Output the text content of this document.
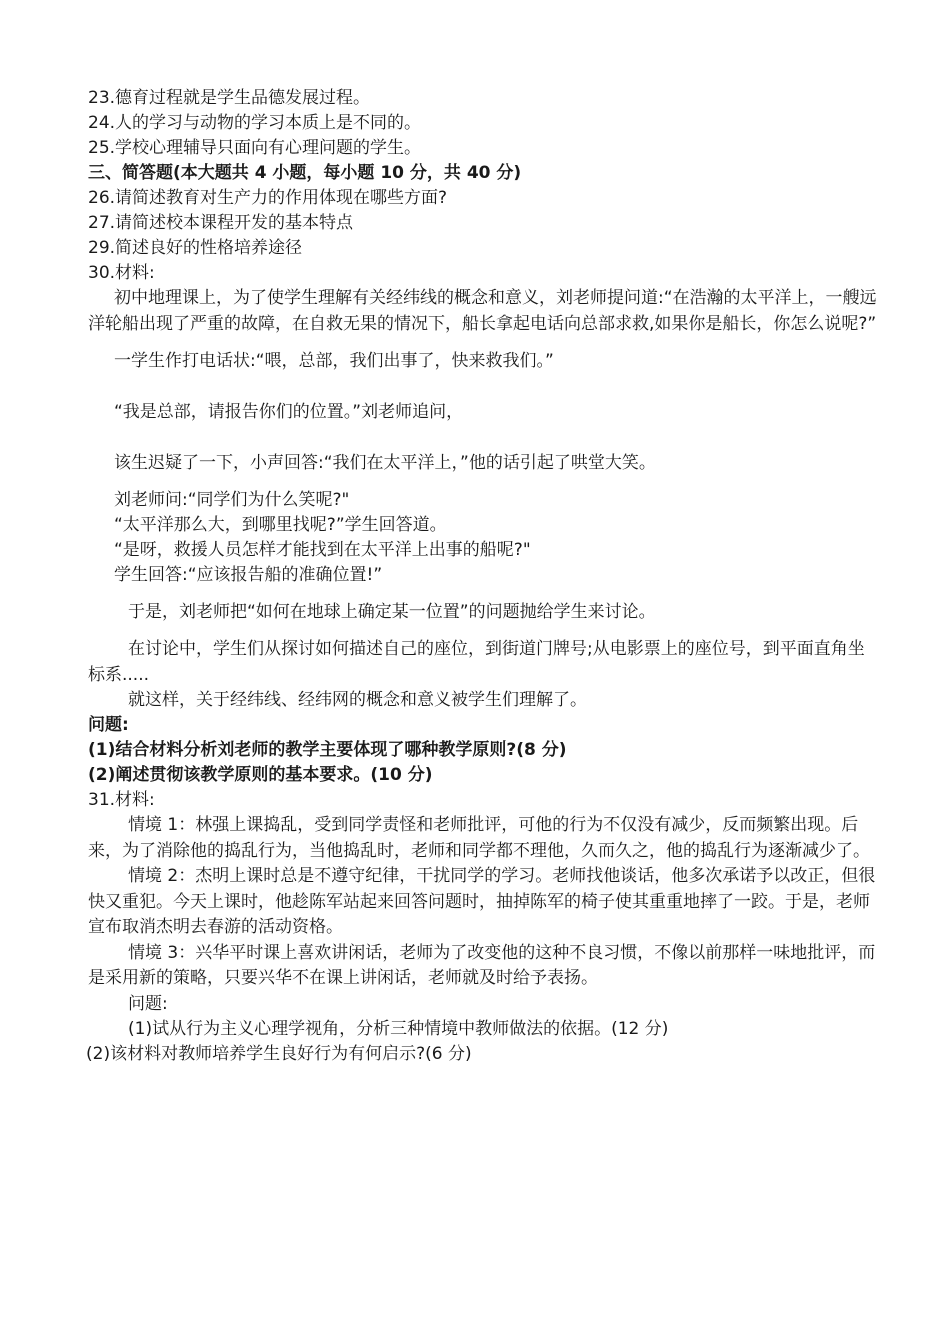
23.德育过程就是学生品德发展过程。
24.人的学习与动物的学习本质上是不同的。
25.学校心理辅导只面向有心理问题的学生。
三、简答题(本大题共 4 小题，每小题 10 分，共 40 分)
26.请简述教育对生产力的作用体现在哪些方面?
27.请简述校本课程开发的基本特点
29.简述良好的性格培养途径
30.材料:
初中地理课上，为了使学生理解有关经纬线的概念和意义，刘老师提问道:“在浩瀚的太平洋上，一艘远洋轮船出现了严重的故障，在自救无果的情况下，船长拿起电话向总部求救,如果你是船长，你怎么说呢?”
一学生作打电话状:“喂，总部，我们出事了，快来救我们。”
“我是总部，请报告你们的位置。”刘老师追问，
该生迟疑了一下，小声回答:“我们在太平洋上，”他的话引起了哄堂大笑。
刘老师问:“同学们为什么笑呢?"
“太平洋那么大，到哪里找呢?”学生回答道。
“是呀，救援人员怎样才能找到在太平洋上出事的船呢?"
学生回答:“应该报告船的准确位置!”
于是，刘老师把“如何在地球上确定某一位置”的问题抛给学生来讨论。
在讨论中，学生们从探讨如何描述自己的座位，到街道门牌号;从电影票上的座位号，到平面直角坐标系.....
就这样，关于经纬线、经纬网的概念和意义被学生们理解了。
问题:
(1)结合材料分析刘老师的教学主要体现了哪种教学原则?(8 分)
(2)阐述贯彻该教学原则的基本要求。(10 分)
31.材料:
情境 1：林强上课捣乱，受到同学责怪和老师批评，可他的行为不仅没有减少，反而频繁出现。后来，为了消除他的捣乱行为，当他捣乱时，老师和同学都不理他，久而久之，他的捣乱行为逐渐减少了。
情境 2：杰明上课时总是不遵守纪律，干扰同学的学习。老师找他谈话，他多次承诺予以改正，但很快又重犯。今天上课时，他趁陈军站起来回答问题时，抽掉陈军的椅子使其重重地摔了一跤。于是，老师宣布取消杰明去春游的活动资格。
情境 3：兴华平时课上喜欢讲闲话，老师为了改变他的这种不良习惯，不像以前那样一味地批评，而是采用新的策略，只要兴华不在课上讲闲话，老师就及时给予表扬。
问题:
(1)试从行为主义心理学视角，分析三种情境中教师做法的依据。(12 分)
(2)该材料对教师培养学生良好行为有何启示?(6 分)
